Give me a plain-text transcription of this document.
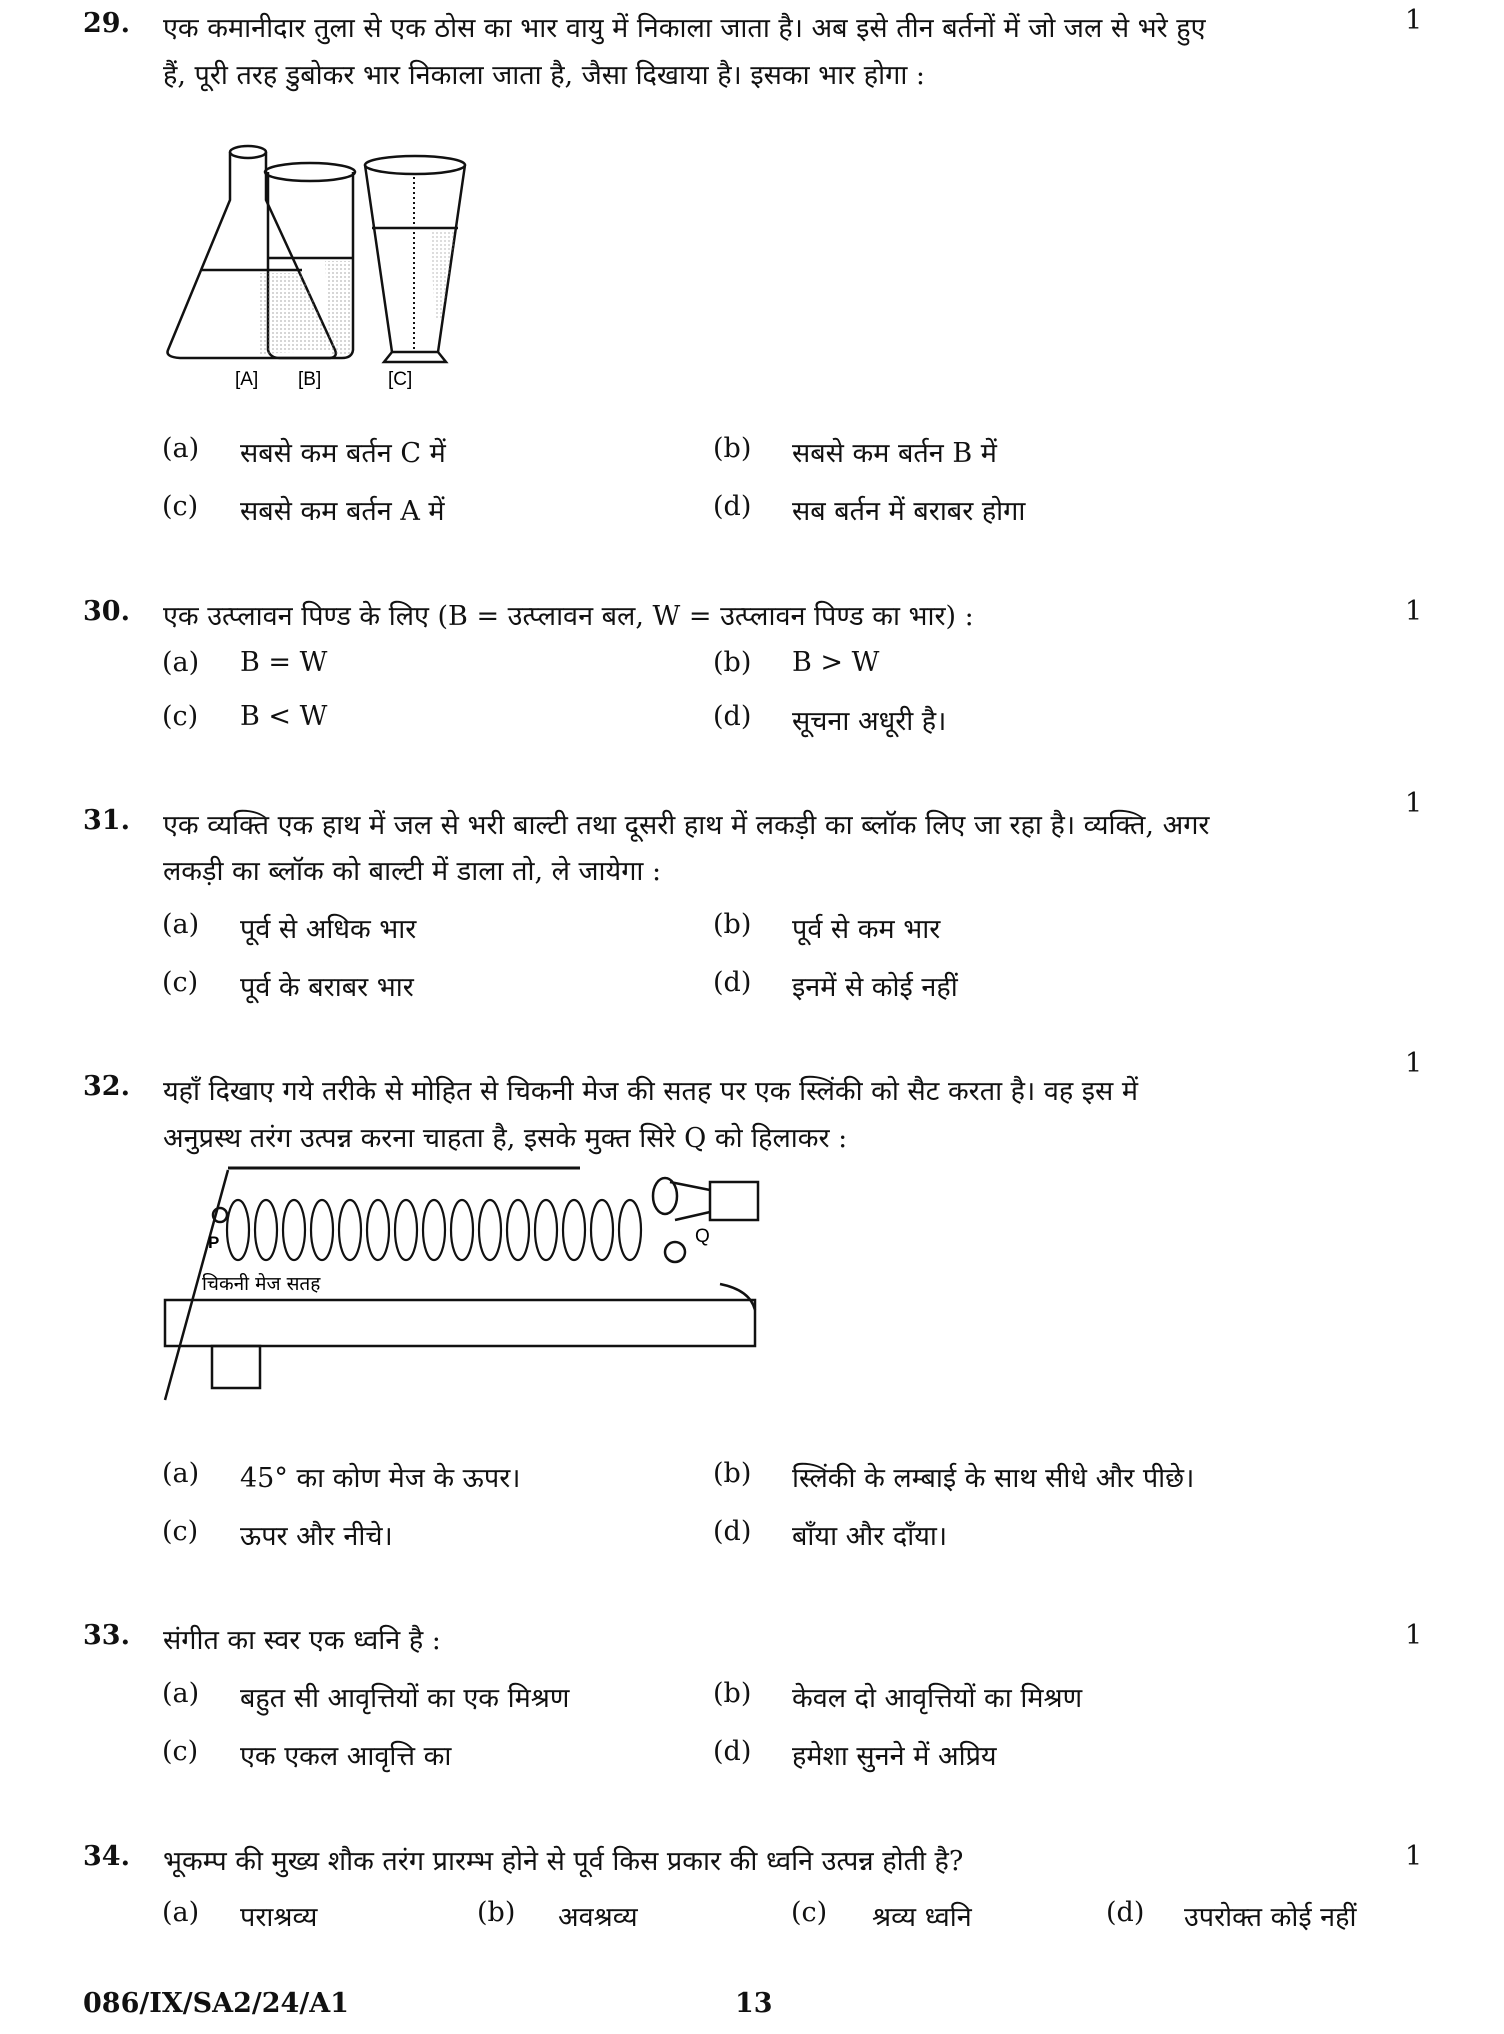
29. एक कमानीदार तुला से एक ठोस का भार वायु में निकाला जाता है। अब इसे तीन बर्तनों में जो जल से भरे हुए
हैं, पूरी तरह डुबोकर भार निकाला जाता है, जैसा दिखाया है। इसका भार होगा :
1
[A] [B]	[C]
(a) सबसे कम बर्तन C में	(b) सबसे कम बर्तन B में
(c) सबसे कम बर्तन A में	(d) सब बर्तन में बराबर होगा
30. एक उत्प्लावन पिण्ड के लिए (B = उत्प्लावन बल, W = उत्प्लावन पिण्ड का भार) :	1
(a) B = W	(b) B > W
(c) B < W	(d) सूचना अधूरी है।
31. एक व्यक्ति एक हाथ में जल से भरी बाल्टी तथा दूसरी हाथ में लकड़ी का ब्लॉक लिए जा रहा है। व्यक्ति, अगर
लकड़ी का ब्लॉक को बाल्टी में डाला तो, ले जायेगा :
1
(a) पूर्व से अधिक भार	(b) पूर्व से कम भार
(c) पूर्व के बराबर भार	(d) इनमें से कोई नहीं
32. यहाँ दिखाए गये तरीके से मोहित से चिकनी मेज की सतह पर एक स्लिंकी को सैट करता है। वह इस में
अनुप्रस्थ तरंग उत्पन्न करना चाहता है, इसके मुक्त सिरे Q को हिलाकर :
1
P	Q
चिकनी मेज सतह
(a) 45° का कोण मेज के ऊपर।	(b) स्लिंकी के लम्बाई के साथ सीधे और पीछे।
(c) ऊपर और नीचे।	(d) बाँया और दाँया।
33. संगीत का स्वर एक ध्वनि है :	1
(a) बहुत सी आवृत्तियों का एक मिश्रण	(b) केवल दो आवृत्तियों का मिश्रण
(c) एक एकल आवृत्ति का	(d) हमेशा सुनने में अप्रिय
34. भूकम्प की मुख्य शौक तरंग प्रारम्भ होने से पूर्व किस प्रकार की ध्वनि उत्पन्न होती है?	1
(a) पराश्रव्य	(b) अवश्रव्य	(c) श्रव्य ध्वनि	(d) उपरोक्त कोई नहीं
086/IX/SA2/24/A1	13
